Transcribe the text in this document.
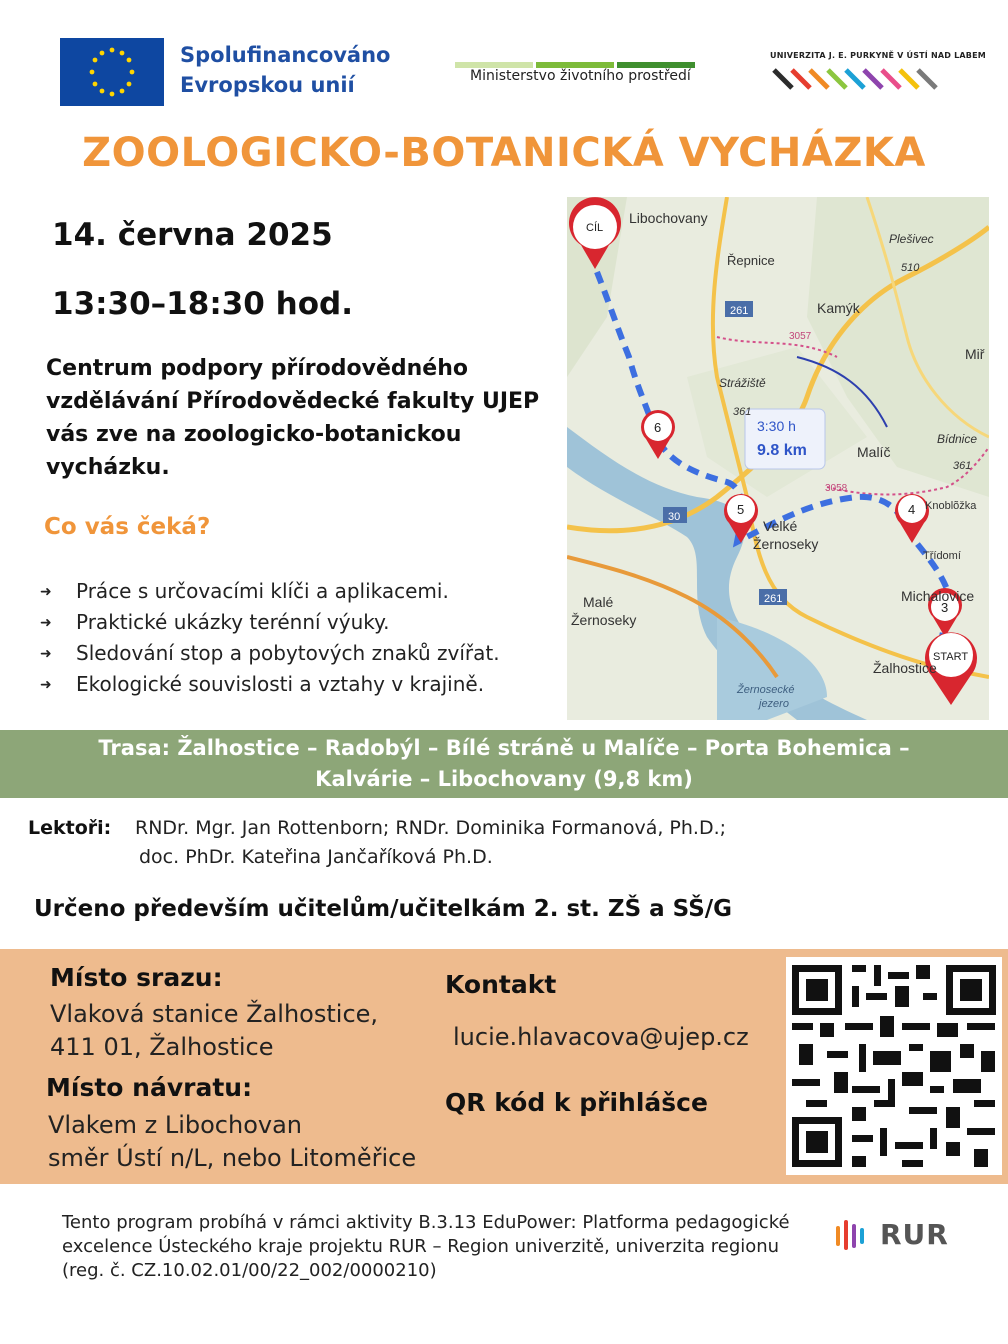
Spolufinancováno
Evropskou unií	Ministerstvo životního prostředí
UNIVERZITA J. E. PURKYNĚ V ÚSTÍ NAD LABEM
ZOOLOGICKO-BOTANICKÁ VYCHÁZKA
14. června 2025
13:30–18:30 hod.
Centrum podpory přírodovědného vzdělávání Přírodovědecké fakulty UJEP vás zve na zoologicko-botanickou vycházku.
Co vás čeká?
➜ Práce s určovacími klíči a aplikacemi.
➜ Praktické ukázky terénní výuky.
➜ Sledování stop a pobytových znaků zvířat.
➜ Ekologické souvislosti a vztahy v krajině.
Libochovany
Řepnice
Plešivec
510
Kamýk
Miř
3057
Strážiště
361
Malíč
Bídnice
361
3058
Knoblõžka
Velké
Žernoseky
Třídomí
Michalovice
Malé
Žernoseky
Žalhostice
Žernosecké
jezero
261
30
261
CÍL
6
5	4
3
START
3:30 h
9.8 km
Trasa: Žalhostice – Radobýl – Bílé stráně u Malíče – Porta Bohemica –
Kalvárie – Libochovany (9,8 km)
Lektoři: RNDr. Mgr. Jan Rottenborn; RNDr. Dominika Formanová, Ph.D.;
doc. PhDr. Kateřina Jančaříková Ph.D.
Určeno především učitelům/učitelkám 2. st. ZŠ a SŠ/G
Místo srazu:
Vlaková stanice Žalhostice,
411 01, Žalhostice
Místo návratu:
Vlakem z Libochovan
směr Ústí n/L, nebo Litoměřice
Kontakt
lucie.hlavacova@ujep.cz
QR kód k přihlášce
Tento program probíhá v rámci aktivity B.3.13 EduPower: Platforma pedagogické excelence Ústeckého kraje projektu RUR – Region univerzitě, univerzita regionu (reg. č. CZ.10.02.01/00/22_002/0000210)
RUR
